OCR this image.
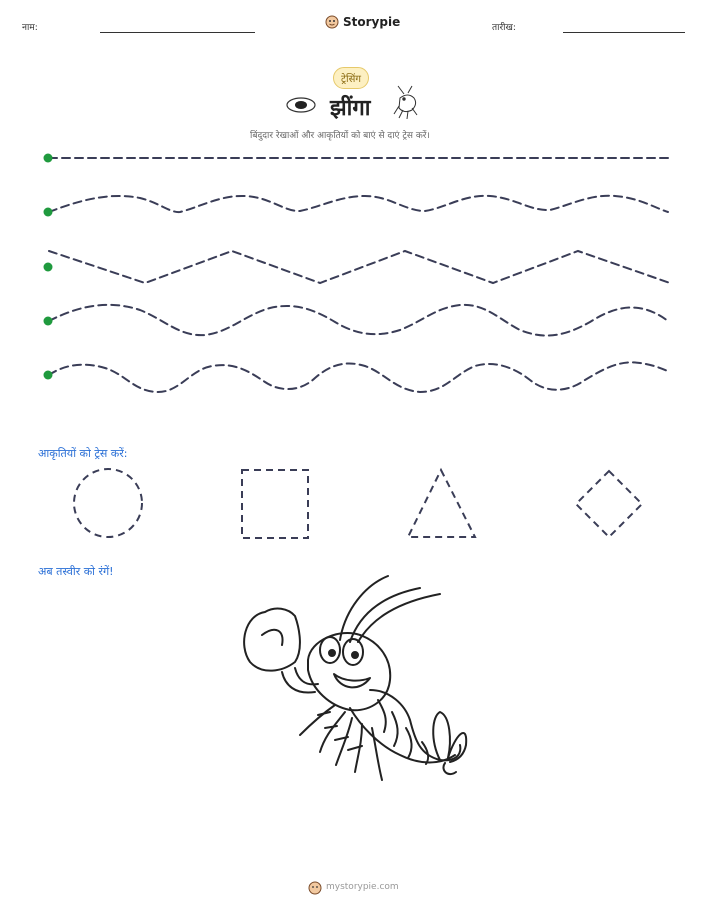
नाम:	Storypie	तारीख:
ट्रेसिंग
झींगा
बिंदुदार रेखाओं और आकृतियों को बाएं से दाएं ट्रेस करें।
आकृतियों को ट्रेस करें:
अब तस्वीर को रंगें!
mystorypie.com
